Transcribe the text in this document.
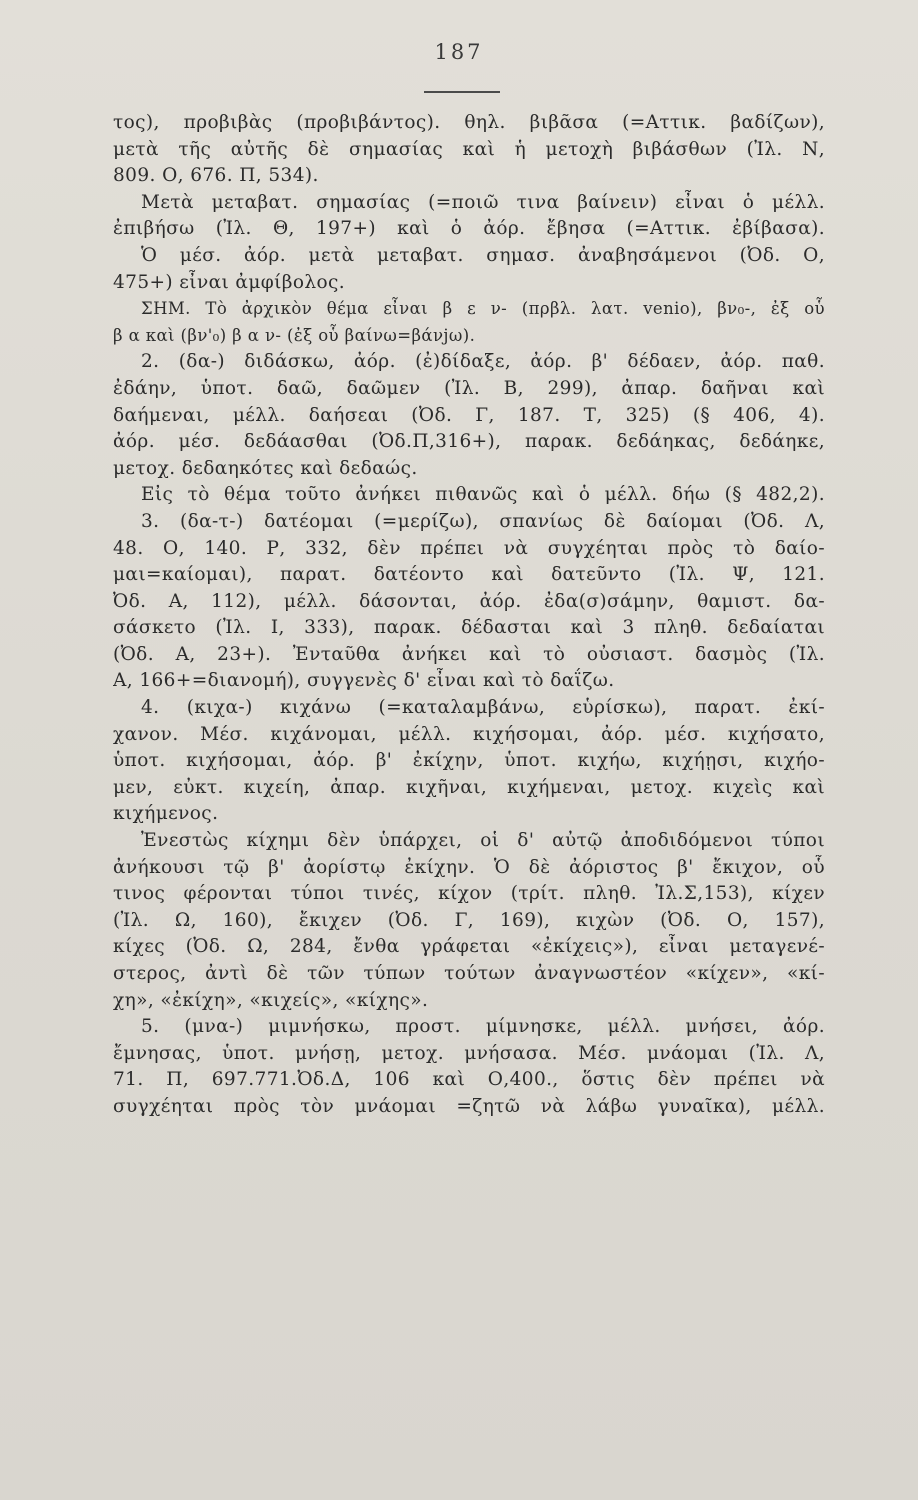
187
τος), προβιβὰς (προβιβάντος). θηλ. βιβᾶσα (=Αττικ. βαδίζων),
μετὰ τῆς αὐτῆς δὲ σημασίας καὶ ἡ μετοχὴ βιβάσθων (Ἰλ. Ν,
809. Ο, 676. Π, 534).
Μετὰ μεταβατ. σημασίας (=ποιῶ τινα βαίνειν) εἶναι ὁ μέλλ.
ἐπιβήσω (Ἰλ. Θ, 197+) καὶ ὁ ἀόρ. ἔβησα (=Αττικ. ἐβίβασα).
Ὁ μέσ. ἀόρ. μετὰ μεταβατ. σημασ. ἀναβησάμενοι (Ὀδ. Ο,
475+) εἶναι ἀμφίβολος.
ΣΗΜ. Τὸ ἀρχικὸν θέμα εἶναι β ε ν- (πρβλ. λατ. venio), βν₀-, ἐξ οὗ
β α καὶ (βν'₀) β α ν- (ἐξ οὗ βαίνω=βάνjω).
2. (δα-) διδάσκω, ἀόρ. (ἐ)δίδαξε, ἀόρ. β' δέδαεν, ἀόρ. παθ.
ἐδάην, ὑποτ. δαῶ, δαῶμεν (Ἰλ. Β, 299), ἀπαρ. δαῆναι καὶ
δαήμεναι, μέλλ. δαήσεαι (Ὀδ. Γ, 187. Τ, 325) (§ 406, 4).
ἀόρ. μέσ. δεδάασθαι (Ὀδ.Π,316+), παρακ. δεδάηκας, δεδάηκε,
μετοχ. δεδαηκότες καὶ δεδαώς.
Εἰς τὸ θέμα τοῦτο ἀνήκει πιθανῶς καὶ ὁ μέλλ. δήω (§ 482,2).
3. (δα-τ-) δατέομαι (=μερίζω), σπανίως δὲ δαίομαι (Ὀδ. Λ,
48. Ο, 140. Ρ, 332, δὲν πρέπει νὰ συγχέηται πρὸς τὸ δαίο-
μαι=καίομαι), παρατ. δατέοντο καὶ δατεῦντο (Ἰλ. Ψ, 121.
Ὀδ. Α, 112), μέλλ. δάσονται, ἀόρ. ἐδα(σ)σάμην, θαμιστ. δα-
σάσκετο (Ἰλ. Ι, 333), παρακ. δέδασται καὶ 3 πληθ. δεδαίαται
(Ὀδ. Α, 23+). Ἐνταῦθα ἀνήκει καὶ τὸ οὐσιαστ. δασμὸς (Ἰλ.
Α, 166+=διανομή), συγγενὲς δ' εἶναι καὶ τὸ δαΐζω.
4. (κιχα-) κιχάνω (=καταλαμβάνω, εὑρίσκω), παρατ. ἐκί-
χανον. Μέσ. κιχάνομαι, μέλλ. κιχήσομαι, ἀόρ. μέσ. κιχήσατο,
ὑποτ. κιχήσομαι, ἀόρ. β' ἐκίχην, ὑποτ. κιχήω, κιχήῃσι, κιχήο-
μεν, εὐκτ. κιχείη, ἀπαρ. κιχῆναι, κιχήμεναι, μετοχ. κιχεὶς καὶ
κιχήμενος.
Ἐνεστὼς κίχημι δὲν ὑπάρχει, οἱ δ' αὐτῷ ἀποδιδόμενοι τύποι
ἀνήκουσι τῷ β' ἀορίστῳ ἐκίχην. Ὁ δὲ ἀόριστος β' ἔκιχον, οὗ
τινος φέρονται τύποι τινές, κίχον (τρίτ. πληθ. Ἰλ.Σ,153), κίχεν
(Ἰλ. Ω, 160), ἔκιχεν (Ὀδ. Γ, 169), κιχὼν (Ὀδ. Ο, 157),
κίχες (Ὀδ. Ω, 284, ἔνθα γράφεται «ἐκίχεις»), εἶναι μεταγενέ-
στερος, ἀντὶ δὲ τῶν τύπων τούτων ἀναγνωστέον «κίχεν», «κί-
χη», «ἐκίχη», «κιχείς», «κίχης».
5. (μνα-) μιμνήσκω, προστ. μίμνησκε, μέλλ. μνήσει, ἀόρ.
ἔμνησας, ὑποτ. μνήσῃ, μετοχ. μνήσασα. Μέσ. μνάομαι (Ἰλ. Λ,
71. Π, 697.771.Ὀδ.Δ, 106 καὶ Ο,400., ὅστις δὲν πρέπει νὰ
συγχέηται πρὸς τὸν μνάομαι =ζητῶ νὰ λάβω γυναῖκα), μέλλ.
